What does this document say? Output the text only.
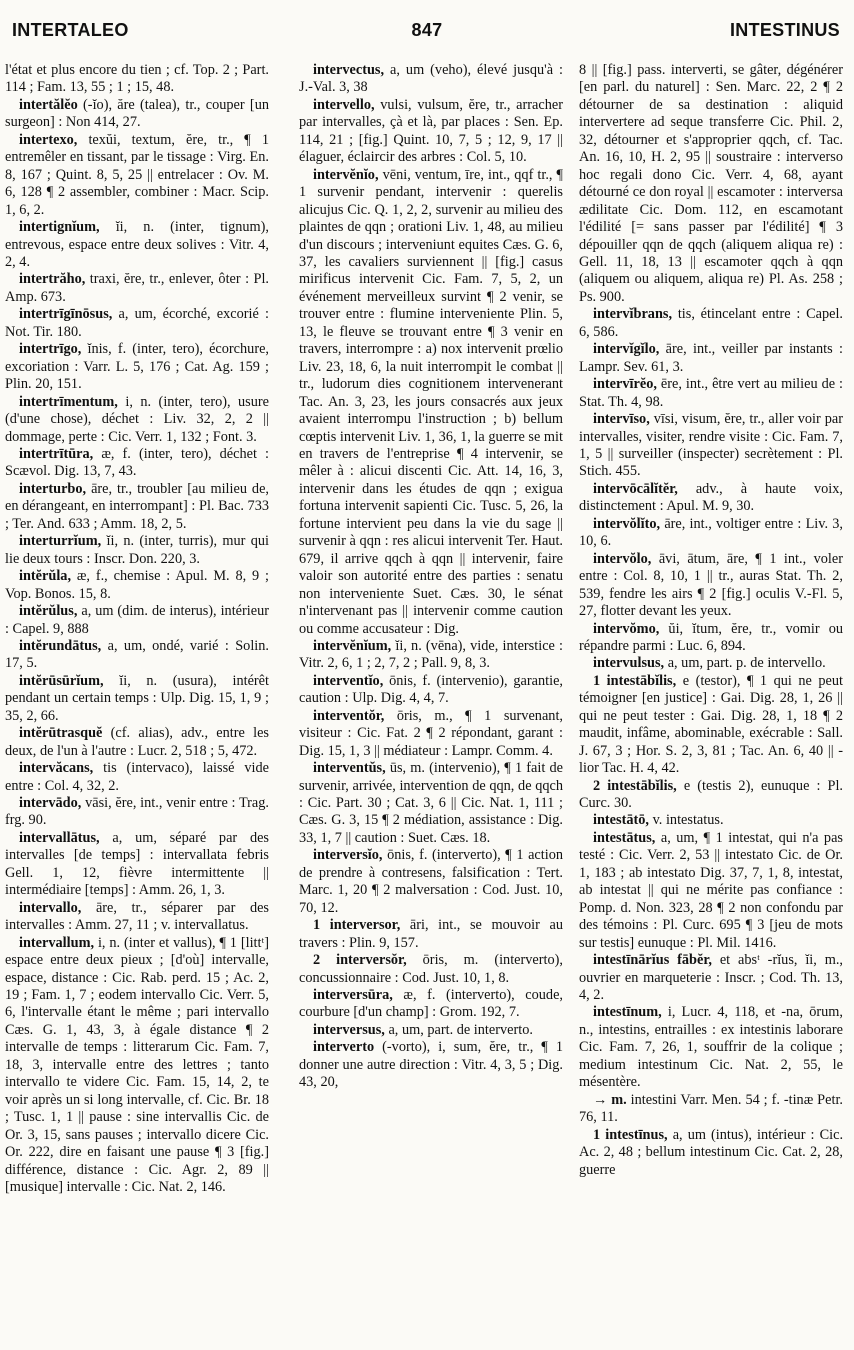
INTERTALEO	847	INTESTINUS

l'état et plus encore du tien ; cf. Top. 2 ; Part. 114 ; Fam. 13, 55 ; 1 ; 15, 48.

intertălĕo (-ĭo), ăre (talea), tr., couper [un surgeon] : Non 414, 27.

intertexo, texŭi, textum, ĕre, tr., ¶ 1 entremêler en tissant, par le tissage : Virg. En. 8, 167 ; Quint. 8, 5, 25 || entrelacer : Ov. M. 6, 128 ¶ 2 assembler, combiner : Macr. Scip. 1, 6, 2.

intertignĭum, ĭi, n. (inter, tignum), entrevous, espace entre deux solives : Vitr. 4, 2, 4.

intertrăho, traxi, ĕre, tr., enlever, ôter : Pl. Amp. 673.

intertrīgīnōsus, a, um, écorché, excorié : Not. Tir. 180.

intertrīgo, ĭnis, f. (inter, tero), écorchure, excoriation : Varr. L. 5, 176 ; Cat. Ag. 159 ; Plin. 20, 151.

intertrīmentum, i, n. (inter, tero), usure (d'une chose), déchet : Liv. 32, 2, 2 || dommage, perte : Cic. Verr. 1, 132 ; Font. 3.

intertrītūra, æ, f. (inter, tero), déchet : Scævol. Dig. 13, 7, 43.

interturbo, āre, tr., troubler [au milieu de, en dérangeant, en interrompant] : Pl. Bac. 733 ; Ter. And. 633 ; Amm. 18, 2, 5.

interturrĭum, ĭi, n. (inter, turris), mur qui lie deux tours : Inscr. Don. 220, 3.

intĕrŭla, æ, f., chemise : Apul. M. 8, 9 ; Vop. Bonos. 15, 8.

intĕrŭlus, a, um (dim. de interus), intérieur : Capel. 9, 888

intĕrundātus, a, um, ondé, varié : Solin. 17, 5.

intĕrūsūrĭum, ĭi, n. (usura), intérêt pendant un certain temps : Ulp. Dig. 15, 1, 9 ; 35, 2, 66.

intĕrūtrasquĕ (cf. alias), adv., entre les deux, de l'un à l'autre : Lucr. 2, 518 ; 5, 472.

intervăcans, tis (intervaco), laissé vide entre : Col. 4, 32, 2.

intervādo, vāsi, ĕre, int., venir entre : Trag. frg. 90.

intervallātus, a, um, séparé par des intervalles [de temps] : intervallata febris Gell. 1, 12, fièvre intermittente || intermédiaire [temps] : Amm. 26, 1, 3.

intervallo, āre, tr., séparer par des intervalles : Amm. 27, 11 ; v. intervallatus.

intervallum, i, n. (inter et vallus), ¶ 1 [littᵗ] espace entre deux pieux ; [d'où] intervalle, espace, distance : Cic. Rab. perd. 15 ; Ac. 2, 19 ; Fam. 1, 7 ; eodem intervallo Cic. Verr. 5, 6, l'intervalle étant le même ; pari intervallo Cæs. G. 1, 43, 3, à égale distance ¶ 2 intervalle de temps : litterarum Cic. Fam. 7, 18, 3, intervalle entre des lettres ; tanto intervallo te videre Cic. Fam. 15, 14, 2, te voir après un si long intervalle, cf. Cic. Br. 18 ; Tusc. 1, 1 || pause : sine intervallis Cic. de Or. 3, 15, sans pauses ; intervallo dicere Cic. Or. 222, dire en faisant une pause ¶ 3 [fig.] différence, distance : Cic. Agr. 2, 89 || [musique] intervalle : Cic. Nat. 2, 146.

intervectus, a, um (veho), élevé jusqu'à : J.-Val. 3, 38

intervello, vulsi, vulsum, ĕre, tr., arracher par intervalles, çà et là, par places : Sen. Ep. 114, 21 ; [fig.] Quint. 10, 7, 5 ; 12, 9, 17 || élaguer, éclaircir des arbres : Col. 5, 10.

intervĕnĭo, vēni, ventum, īre, int., qqf tr., ¶ 1 survenir pendant, intervenir : querelis alicujus Cic. Q. 1, 2, 2, survenir au milieu des plaintes de qqn ; orationi Liv. 1, 48, au milieu d'un discours ; interveniunt equites Cæs. G. 6, 37, les cavaliers surviennent || [fig.] casus mirificus intervenit Cic. Fam. 7, 5, 2, un événement merveilleux survint ¶ 2 venir, se trouver entre : flumine interveniente Plin. 5, 13, le fleuve se trouvant entre ¶ 3 venir en travers, interrompre : a) nox intervenit prœlio Liv. 23, 18, 6, la nuit interrompit le combat || tr., ludorum dies cognitionem intervenerant Tac. An. 3, 23, les jours consacrés aux jeux avaient interrompu l'instruction ; b) bellum cœptis intervenit Liv. 1, 36, 1, la guerre se mit en travers de l'entreprise ¶ 4 intervenir, se mêler à : alicui discenti Cic. Att. 14, 16, 3, intervenir dans les études de qqn ; exigua fortuna intervenit sapienti Cic. Tusc. 5, 26, la fortune intervient peu dans la vie du sage || survenir à qqn : res alicui intervenit Ter. Haut. 679, il arrive qqch à qqn || intervenir, faire valoir son autorité entre des parties : senatu non interveniente Suet. Cæs. 30, le sénat n'intervenant pas || intervenir comme caution ou comme accusateur : Dig.

intervĕnĭum, ĭi, n. (vēna), vide, interstice : Vitr. 2, 6, 1 ; 2, 7, 2 ; Pall. 9, 8, 3.

interventĭo, ōnis, f. (intervenio), garantie, caution : Ulp. Dig. 4, 4, 7.

interventŏr, ōris, m., ¶ 1 survenant, visiteur : Cic. Fat. 2 ¶ 2 répondant, garant : Dig. 15, 1, 3 || médiateur : Lampr. Comm. 4.

interventŭs, ūs, m. (intervenio), ¶ 1 fait de survenir, arrivée, intervention de qqn, de qqch : Cic. Part. 30 ; Cat. 3, 6 || Cic. Nat. 1, 111 ; Cæs. G. 3, 15 ¶ 2 médiation, assistance : Dig. 33, 1, 7 || caution : Suet. Cæs. 18.

interversĭo, ōnis, f. (interverto), ¶ 1 action de prendre à contresens, falsification : Tert. Marc. 1, 20 ¶ 2 malversation : Cod. Just. 10, 70, 12.

1 interversor, āri, int., se mouvoir au travers : Plin. 9, 157.

2 interversŏr, ōris, m. (interverto), concussionnaire : Cod. Just. 10, 1, 8.

interversūra, æ, f. (interverto), coude, courbure [d'un champ] : Grom. 192, 7.

interversus, a, um, part. de interverto.

interverto (-vorto), i, sum, ĕre, tr., ¶ 1 donner une autre direction : Vitr. 4, 3, 5 ; Dig. 43, 20,

8 || [fig.] pass. interverti, se gâter, dégénérer [en parl. du naturel] : Sen. Marc. 22, 2 ¶ 2 détourner de sa destination : aliquid intervertere ad seque transferre Cic. Phil. 2, 32, détourner et s'approprier qqch, cf. Tac. An. 16, 10, H. 2, 95 || soustraire : interverso hoc regali dono Cic. Verr. 4, 68, ayant détourné ce don royal || escamoter : interversa ædilitate Cic. Dom. 112, en escamotant l'édilité [= sans passer par l'édilité] ¶ 3 dépouiller qqn de qqch (aliquem aliqua re) : Gell. 11, 18, 13 || escamoter qqch à qqn (aliquem ou aliquem, aliqua re) Pl. As. 258 ; Ps. 900.

intervĭbrans, tis, étincelant entre : Capel. 6, 586.

intervĭgĭlo, āre, int., veiller par instants : Lampr. Sev. 61, 3.

intervīrĕo, ēre, int., être vert au milieu de : Stat. Th. 4, 98.

intervīso, vīsi, visum, ĕre, tr., aller voir par intervalles, visiter, rendre visite : Cic. Fam. 7, 1, 5 || surveiller (inspecter) secrètement : Pl. Stich. 455.

intervōcālĭtĕr, adv., à haute voix, distinctement : Apul. M. 9, 30.

intervŏlĭto, āre, int., voltiger entre : Liv. 3, 10, 6.

intervŏlo, āvi, ātum, āre, ¶ 1 int., voler entre : Col. 8, 10, 1 || tr., auras Stat. Th. 2, 539, fendre les airs ¶ 2 [fig.] oculis V.-Fl. 5, 27, flotter devant les yeux.

intervŏmo, ŭi, ĭtum, ĕre, tr., vomir ou répandre parmi : Luc. 6, 894.

intervulsus, a, um, part. p. de intervello.

1 intestābĭlis, e (testor), ¶ 1 qui ne peut témoigner [en justice] : Gai. Dig. 28, 1, 26 || qui ne peut tester : Gai. Dig. 28, 1, 18 ¶ 2 maudit, infâme, abominable, exécrable : Sall. J. 67, 3 ; Hor. S. 2, 3, 81 ; Tac. An. 6, 40 || -lior Tac. H. 4, 42.

2 intestābĭlis, e (testis 2), eunuque : Pl. Curc. 30.

intestātō, v. intestatus.

intestātus, a, um, ¶ 1 intestat, qui n'a pas testé : Cic. Verr. 2, 53 || intestato Cic. de Or. 1, 183 ; ab intestato Dig. 37, 7, 1, 8, intestat, ab intestat || qui ne mérite pas confiance : Pomp. d. Non. 323, 28 ¶ 2 non confondu par des témoins : Pl. Curc. 695 ¶ 3 [jeu de mots sur testis] eunuque : Pl. Mil. 1416.

intestīnārĭus fābĕr, et absᵗ -rĭus, ĭi, m., ouvrier en marqueterie : Inscr. ; Cod. Th. 13, 4, 2.

intestīnum, i, Lucr. 4, 118, et -na, ōrum, n., intestins, entrailles : ex intestinis laborare Cic. Fam. 7, 26, 1, souffrir de la colique ; medium intestinum Cic. Nat. 2, 55, le mésentère.

→ m. intestini Varr. Men. 54 ; f. -tinæ Petr. 76, 11.

1 intestīnus, a, um (intus), intérieur : Cic. Ac. 2, 48 ; bellum intestinum Cic. Cat. 2, 28, guerre
